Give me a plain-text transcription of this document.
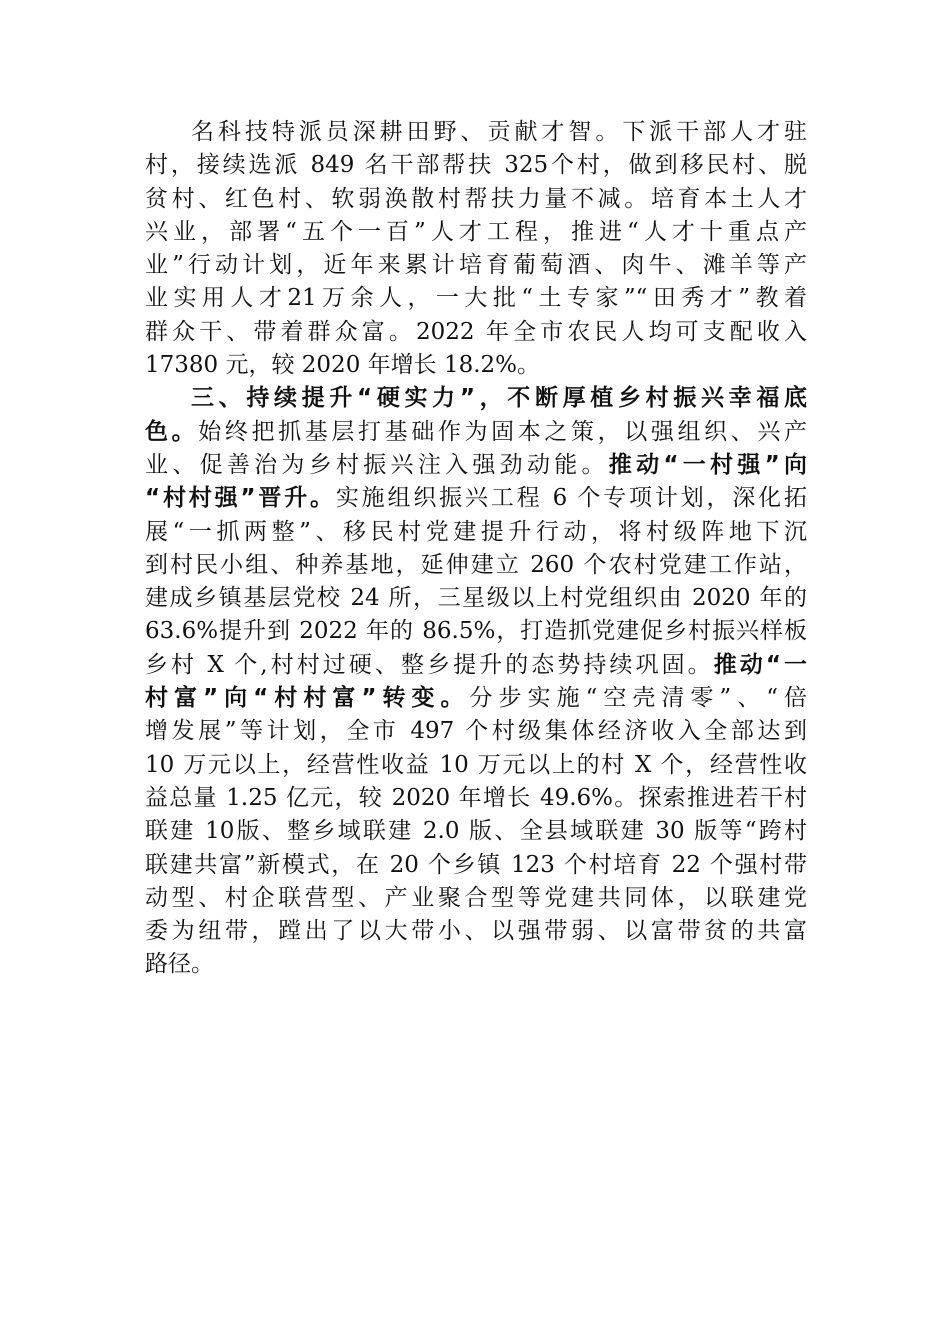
名科技特派员深耕田野、贡献才智。下派干部人才驻
村，接续选派 849 名干部帮扶 325个村，做到移民村、脱
贫村、红色村、软弱涣散村帮扶力量不减。培育本土人才
兴业，部署“五个一百”人才工程，推进“人才十重点产
业”行动计划，近年来累计培育葡萄酒、肉牛、滩羊等产
业实用人才21万余人，一大批“土专家”“田秀才”教着
群众干、带着群众富。2022 年全市农民人均可支配收入
17380 元，较 2020 年增长 18.2%。
三、持续提升“硬实力”，不断厚植乡村振兴幸福底
色。始终把抓基层打基础作为固本之策，以强组织、兴产
业、促善治为乡村振兴注入强劲动能。推动“一村强”向
“村村强”晋升。实施组织振兴工程 6 个专项计划，深化拓
展“一抓两整”、移民村党建提升行动，将村级阵地下沉
到村民小组、种养基地，延伸建立 260 个农村党建工作站，
建成乡镇基层党校 24 所，三星级以上村党组织由 2020 年的
63.6%提升到 2022 年的 86.5%，打造抓党建促乡村振兴样板
乡村 X 个,村村过硬、整乡提升的态势持续巩固。推动“一
村富”向“村村富”转变。分步实施“空壳清零”、“倍
增发展”等计划，全市 497 个村级集体经济收入全部达到
10 万元以上，经营性收益 10 万元以上的村 X 个，经营性收
益总量 1.25 亿元，较 2020 年增长 49.6%。探索推进若干村
联建 10版、整乡域联建 2.0 版、全县域联建 30 版等“跨村
联建共富”新模式，在 20 个乡镇 123 个村培育 22 个强村带
动型、村企联营型、产业聚合型等党建共同体，以联建党
委为纽带，蹚出了以大带小、以强带弱、以富带贫的共富
路径。
